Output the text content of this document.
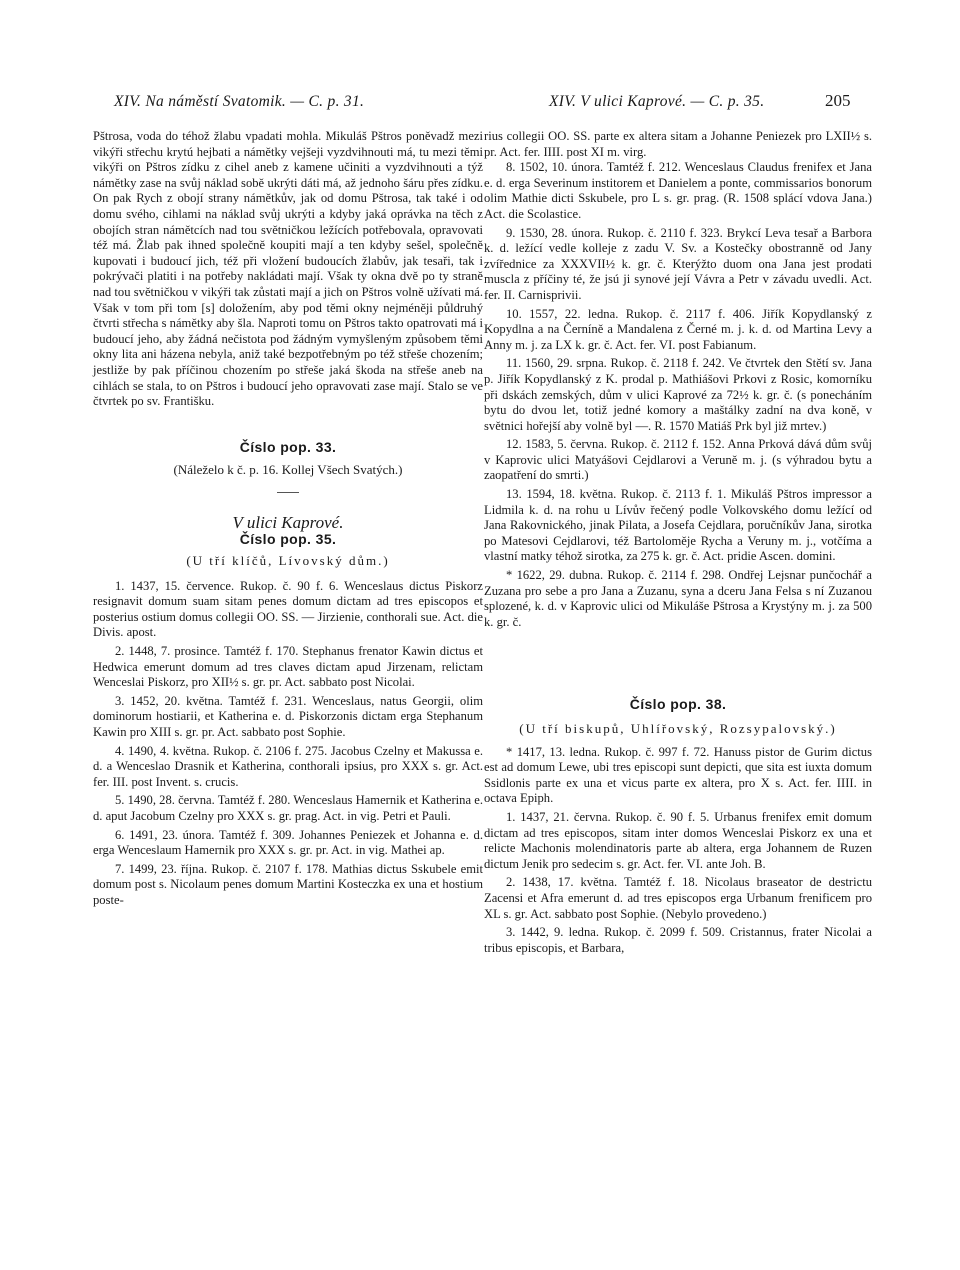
XIV. Na náměstí Svatomik. — C. p. 31.	XIV. V ulici Kaprové. — C. p. 35.	205

Pštrosa, voda do téhož žlabu vpadati mohla. Mikuláš Pštros poněvadž mezi vikýři střechu krytú hejbati a námětky vejšeji vyzdvihnouti má, tu mezi těmi vikýři on Pštros zídku z cihel aneb z kamene učiniti a vyzdvihnouti a týž námětky zase na svůj náklad sobě ukrýti dáti má, až jednoho šáru přes zídku. On pak Rych z obojí strany námětkův, jak od domu Pštrosa, tak také i od domu svého, cihlami na náklad svůj ukrýti a kdyby jaká oprávka na těch z obojích stran námětcích nad tou světničkou ležících potřebovala, opravovati též má. Žlab pak ihned společně koupiti mají a ten kdyby sešel, společně kupovati i budoucí jich, též při vložení budoucích žlabův, jak tesaři, tak i pokrývači platiti i na potřeby nakládati mají. Však ty okna dvě po ty straně nad tou světničkou v vikýři tak zůstati mají a jich on Pštros volně užívati má. Však v tom při tom [s] doložením, aby pod těmi okny nejméněji půldruhý čtvrti střecha s námětky aby šla. Naproti tomu on Pštros takto opatrovati má i budoucí jeho, aby žádná nečistota pod žádným vymyšleným způsobem těmi okny lita ani házena nebyla, aniž také bezpotřebným po též střeše chozením; jestliže by pak příčinou chozením po střeše jaká škoda na střeše aneb na cihlách se stala, to on Pštros i budoucí jeho opravovati zase mají. Stalo se ve čtvrtek po sv. Františku.

Číslo pop. 33.

(Náleželo k č. p. 16. Kollej Všech Svatých.)

V ulici Kaprové.

Číslo pop. 35.

(U tří klíčů, Lívovský dům.)

1. 1437, 15. července. Rukop. č. 90 f. 6. Wenceslaus dictus Piskorz resignavit domum suam sitam penes domum dictam ad tres episcopos et posterius ostium domus collegii OO. SS. — Jirzienie, conthorali sue. Act. die Divis. apost.

2. 1448, 7. prosince. Tamtéž f. 170. Stephanus frenator Kawin dictus et Hedwica emerunt domum ad tres claves dictam apud Jirzenam, relictam Wenceslai Piskorz, pro XII½ s. gr. pr. Act. sabbato post Nicolai.

3. 1452, 20. května. Tamtéž f. 231. Wenceslaus, natus Georgii, olim dominorum hostiarii, et Katherina e. d. Piskorzonis dictam erga Stephanum Kawin pro XIII s. gr. pr. Act. sabbato post Sophie.

4. 1490, 4. května. Rukop. č. 2106 f. 275. Jacobus Czelny et Makussa e. d. a Wenceslao Drasnik et Katherina, conthorali ipsius, pro XXX s. gr. Act. fer. III. post Invent. s. crucis.

5. 1490, 28. června. Tamtéž f. 280. Wenceslaus Hamernik et Katherina e. d. aput Jacobum Czelny pro XXX s. gr. prag. Act. in vig. Petri et Pauli.

6. 1491, 23. února. Tamtéž f. 309. Johannes Peniezek et Johanna e. d. erga Wenceslaum Hamernik pro XXX s. gr. pr. Act. in vig. Mathei ap.

7. 1499, 23. října. Rukop. č. 2107 f. 178. Mathias dictus Sskubele emit domum post s. Nicolaum penes domum Martini Kosteczka ex una et hostium poste-

rius collegii OO. SS. parte ex altera sitam a Johanne Peniezek pro LXII½ s. pr. Act. fer. IIII. post XI m. virg.

8. 1502, 10. února. Tamtéž f. 212. Wenceslaus Claudus frenifex et Jana e. d. erga Severinum institorem et Danielem a ponte, commissarios bonorum olim Mathie dicti Sskubele, pro L s. gr. prag. (R. 1508 splácí vdova Jana.) Act. die Scolastice.

9. 1530, 28. února. Rukop. č. 2110 f. 323. Brykcí Leva tesař a Barbora k. d. ležící vedle kolleje z zadu V. Sv. a Kostečky obostranně od Jany zvířednice za XXXVII½ k. gr. č. Kterýžto duom ona Jana jest prodati muscla z příčiny té, že jsú ji synové její Vávra a Petr v závadu uvedli. Act. fer. II. Carnisprivii.

10. 1557, 22. ledna. Rukop. č. 2117 f. 406. Jiřík Kopydlanský z Kopydlna a na Černíně a Mandalena z Černé m. j. k. d. od Martina Levy a Anny m. j. za LX k. gr. č. Act. fer. VI. post Fabianum.

11. 1560, 29. srpna. Rukop. č. 2118 f. 242. Ve čtvrtek den Stětí sv. Jana p. Jiřík Kopydlanský z K. prodal p. Mathiášovi Prkovi z Rosic, komorníku při dskách zemských, dům v ulici Kaprové za 72½ k. gr. č. (s ponecháním bytu do dvou let, totiž jedné komory a maštálky zadní na dva koně, v světnici hořejší aby volně byl —. R. 1570 Matiáš Prk byl již mrtev.)

12. 1583, 5. června. Rukop. č. 2112 f. 152. Anna Prková dává dům svůj v Kaprovic ulici Matyášovi Cejdlarovi a Veruně m. j. (s výhradou bytu a zaopatření do smrti.)

13. 1594, 18. května. Rukop. č. 2113 f. 1. Mikuláš Pštros impressor a Lidmila k. d. na rohu u Lívův řečený podle Volkovského domu ležící od Jana Rakovnického, jinak Pilata, a Josefa Cejdlara, poručníkův Jana, sirotka po Matesovi Cejdlarovi, též Bartoloměje Rycha a Veruny m. j., votčíma a vlastní matky téhož sirotka, za 275 k. gr. č. Act. pridie Ascen. domini.

* 1622, 29. dubna. Rukop. č. 2114 f. 298. Ondřej Lejsnar punčochář a Zuzana pro sebe a pro Jana a Zuzanu, syna a dceru Jana Felsa s ní Zuzanou splozené, k. d. v Kaprovic ulici od Mikuláše Pštrosa a Krystýny m. j. za 500 k. gr. č.

Číslo pop. 38.

(U tří biskupů, Uhlířovský, Rozsypalovský.)

* 1417, 13. ledna. Rukop. č. 997 f. 72. Hanuss pistor de Gurim dictus est ad domum Lewe, ubi tres episcopi sunt depicti, que sita est iuxta domum Ssidlonis parte ex una et vicus parte ex altera, pro X s. Act. fer. IIII. in octava Epiph.

1. 1437, 21. června. Rukop. č. 90 f. 5. Urbanus frenifex emit domum dictam ad tres episcopos, sitam inter domos Wenceslai Piskorz ex una et relicte Machonis molendinatoris parte ab altera, erga Johannem de Ruzen dictum Jenik pro sedecim s. gr. Act. fer. VI. ante Joh. B.

2. 1438, 17. května. Tamtéž f. 18. Nicolaus braseator de destrictu Zacensi et Afra emerunt d. ad tres episcopos erga Urbanum frenificem pro XL s. gr. Act. sabbato post Sophie. (Nebylo provedeno.)

3. 1442, 9. ledna. Rukop. č. 2099 f. 509. Cristannus, frater Nicolai a tribus episcopis, et Barbara,
